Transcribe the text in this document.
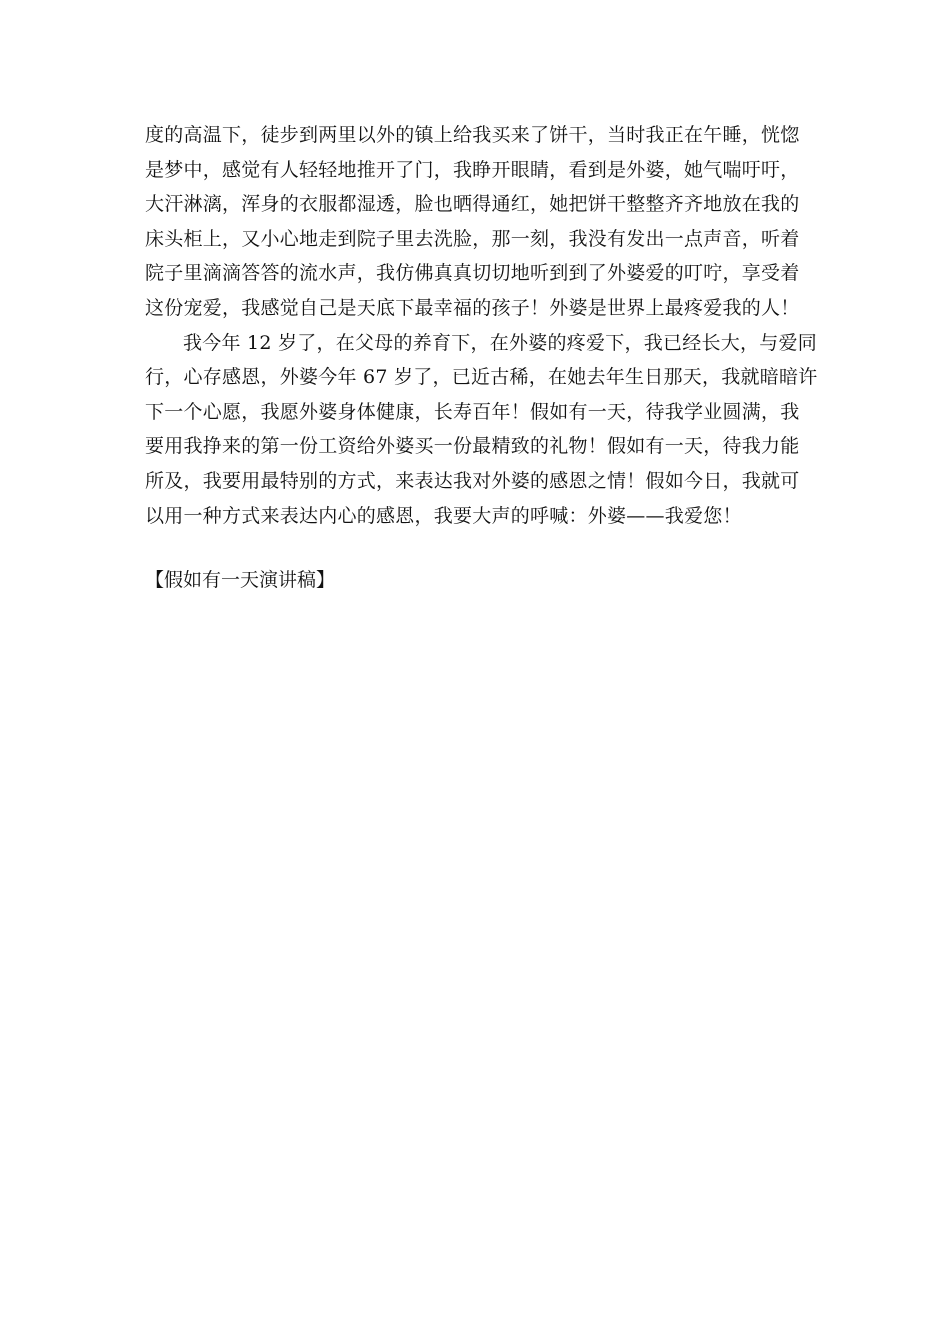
度的高温下，徒步到两里以外的镇上给我买来了饼干，当时我正在午睡，恍惚
是梦中，感觉有人轻轻地推开了门，我睁开眼睛，看到是外婆，她气喘吁吁，
大汗淋漓，浑身的衣服都湿透，脸也晒得通红，她把饼干整整齐齐地放在我的
床头柜上，又小心地走到院子里去洗脸，那一刻，我没有发出一点声音，听着
院子里滴滴答答的流水声，我仿佛真真切切地听到到了外婆爱的叮咛，享受着
这份宠爱，我感觉自己是天底下最幸福的孩子！外婆是世界上最疼爱我的人！
我今年 12 岁了，在父母的养育下，在外婆的疼爱下，我已经长大，与爱同
行，心存感恩，外婆今年 67 岁了，已近古稀，在她去年生日那天，我就暗暗许
下一个心愿，我愿外婆身体健康，长寿百年！假如有一天，待我学业圆满，我
要用我挣来的第一份工资给外婆买一份最精致的礼物！假如有一天，待我力能
所及，我要用最特别的方式，来表达我对外婆的感恩之情！假如今日，我就可
以用一种方式来表达内心的感恩，我要大声的呼喊：外婆——我爱您！
【假如有一天演讲稿】
